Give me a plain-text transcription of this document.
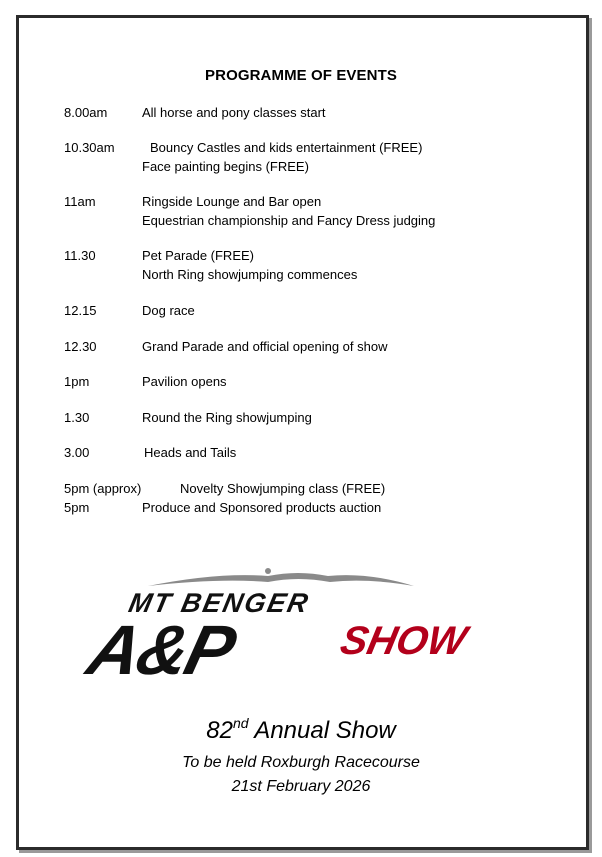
PROGRAMME OF EVENTS
8.00am	All horse and pony classes start
10.30am	Bouncy Castles and kids entertainment (FREE)
Face painting begins (FREE)
11am	Ringside Lounge and Bar open
Equestrian championship and Fancy Dress judging
11.30	Pet Parade (FREE)
North Ring showjumping commences
12.15	Dog race
12.30	Grand Parade and official opening of show
1pm	Pavilion opens
1.30	Round the Ring showjumping
3.00	Heads and Tails
5pm (approx)	Novelty Showjumping class (FREE)
5pm	Produce and Sponsored products auction
MT BENGER
A&P SHOW
82nd Annual Show
To be held Roxburgh Racecourse
21st February 2026
